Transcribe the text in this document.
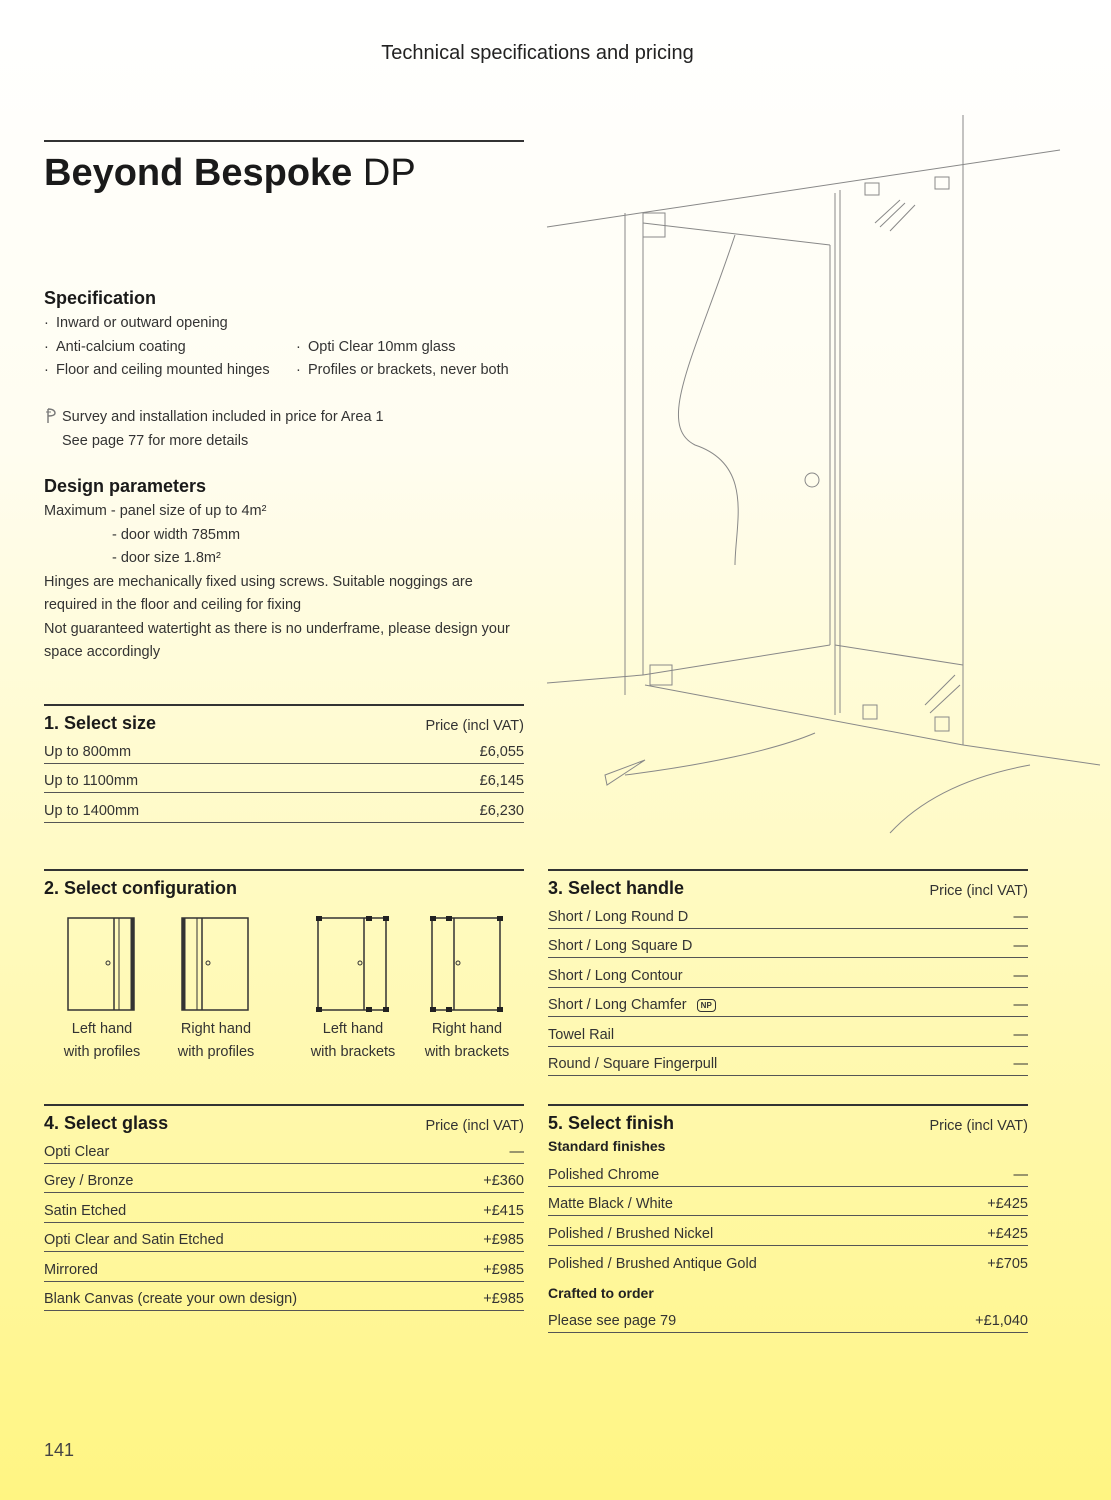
Technical specifications and pricing
Beyond Bespoke DP
Specification
· Inward or outward opening
· Anti-calcium coating
· Floor and ceiling mounted hinges
· Opti Clear 10mm glass
· Profiles or brackets, never both
Survey and installation included in price for Area 1
See page 77 for more details
Design parameters
Maximum - panel size of up to 4m²
- door width 785mm
- door size 1.8m²
Hinges are mechanically fixed using screws. Suitable noggings are
required in the floor and ceiling for fixing
Not guaranteed watertight as there is no underframe, please design your
space accordingly
1. Select size	Price (incl VAT)
Up to 800mm	£6,055
Up to 1100mm	£6,145
Up to 1400mm	£6,230
2. Select configuration
Left hand
with profiles
Right hand
with profiles
Left hand
with brackets
Right hand
with brackets
3. Select handle	Price (incl VAT)
Short / Long Round D	—
Short / Long Square D	—
Short / Long Contour	—
Short / Long Chamfer NP	—
Towel Rail	—
Round / Square Fingerpull	—
4. Select glass	Price (incl VAT)
Opti Clear	—
Grey / Bronze	+£360
Satin Etched	+£415
Opti Clear and Satin Etched	+£985
Mirrored	+£985
Blank Canvas (create your own design)	+£985
5. Select finish	Price (incl VAT)
Standard finishes
Polished Chrome	—
Matte Black / White	+£425
Polished / Brushed Nickel	+£425
Polished / Brushed Antique Gold	+£705
Crafted to order
Please see page 79	+£1,040
141
